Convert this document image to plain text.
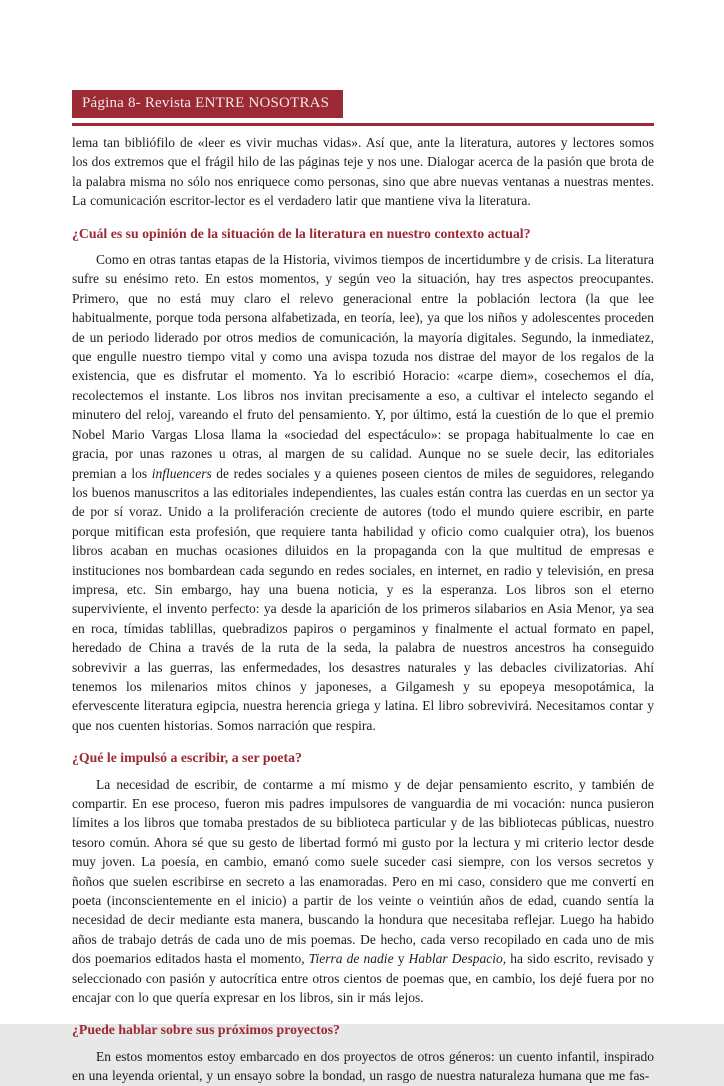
Página 8- Revista ENTRE NOSOTRAS

lema tan bibliófilo de «leer es vivir muchas vidas». Así que, ante la literatura, autores y lectores somos los dos extremos que el frágil hilo de las páginas teje y nos une. Dialogar acerca de la pasión que brota de la palabra misma no sólo nos enriquece como personas, sino que abre nuevas ventanas a nuestras mentes. La comunicación escritor-lector es el verdadero latir que mantiene viva la literatura.

¿Cuál es su opinión de la situación de la literatura en nuestro contexto actual?

Como en otras tantas etapas de la Historia, vivimos tiempos de incertidumbre y de crisis. La literatura sufre su enésimo reto. En estos momentos, y según veo la situación, hay tres aspectos preocupantes. Primero, que no está muy claro el relevo generacional entre la población lectora (la que lee habitualmente, porque toda persona alfabetizada, en teoría, lee), ya que los niños y adolescentes proceden de un periodo liderado por otros medios de comunicación, la mayoría digitales. Segundo, la inmediatez, que engulle nuestro tiempo vital y como una avispa tozuda nos distrae del mayor de los regalos de la existencia, que es disfrutar el momento. Ya lo escribió Horacio: «carpe diem», cosechemos el día, recolectemos el instante. Los libros nos invitan precisamente a eso, a cultivar el intelecto segando el minutero del reloj, vareando el fruto del pensamiento. Y, por último, está la cuestión de lo que el premio Nobel Mario Vargas Llosa llama la «sociedad del espectáculo»: se propaga habitualmente lo cae en gracia, por unas razones u otras, al margen de su calidad. Aunque no se suele decir, las editoriales premian a los influencers de redes sociales y a quienes poseen cientos de miles de seguidores, relegando los buenos manuscritos a las editoriales independientes, las cuales están contra las cuerdas en un sector ya de por sí voraz. Unido a la proliferación creciente de autores (todo el mundo quiere escribir, en parte porque mitifican esta profesión, que requiere tanta habilidad y oficio como cualquier otra), los buenos libros acaban en muchas ocasiones diluidos en la propaganda con la que multitud de empresas e instituciones nos bombardean cada segundo en redes sociales, en internet, en radio y televisión, en presa impresa, etc. Sin embargo, hay una buena noticia, y es la esperanza. Los libros son el eterno superviviente, el invento perfecto: ya desde la aparición de los primeros silabarios en Asia Menor, ya sea en roca, tímidas tablillas, quebradizos papiros o pergaminos y finalmente el actual formato en papel, heredado de China a través de la ruta de la seda, la palabra de nuestros ancestros ha conseguido sobrevivir a las guerras, las enfermedades, los desastres naturales y las debacles civilizatorias. Ahí tenemos los milenarios mitos chinos y japoneses, a Gilgamesh y su epopeya mesopotámica, la efervescente literatura egipcia, nuestra herencia griega y latina. El libro sobrevivirá. Necesitamos contar y que nos cuenten historias. Somos narración que respira.

¿Qué le impulsó a escribir, a ser poeta?

La necesidad de escribir, de contarme a mí mismo y de dejar pensamiento escrito, y también de compartir. En ese proceso, fueron mis padres impulsores de vanguardia de mi vocación: nunca pusieron límites a los libros que tomaba prestados de su biblioteca particular y de las bibliotecas públicas, nuestro tesoro común. Ahora sé que su gesto de libertad formó mi gusto por la lectura y mi criterio lector desde muy joven. La poesía, en cambio, emanó como suele suceder casi siempre, con los versos secretos y ñoños que suelen escribirse en secreto a las enamoradas. Pero en mi caso, considero que me convertí en poeta (inconscientemente en el inicio) a partir de los veinte o veintiún años de edad, cuando sentía la necesidad de decir mediante esta manera, buscando la hondura que necesitaba reflejar. Luego ha habido años de trabajo detrás de cada uno de mis poemas. De hecho, cada verso recopilado en cada uno de mis dos poemarios editados hasta el momento, Tierra de nadie y Hablar Despacio, ha sido escrito, revisado y seleccionado con pasión y autocrítica entre otros cientos de poemas que, en cambio, los dejé fuera por no encajar con lo que quería expresar en los libros, sin ir más lejos.

¿Puede hablar sobre sus próximos proyectos?

En estos momentos estoy embarcado en dos proyectos de otros géneros: un cuento infantil, inspirado en una leyenda oriental, y un ensayo sobre la bondad, un rasgo de nuestra naturaleza humana que me fas-
